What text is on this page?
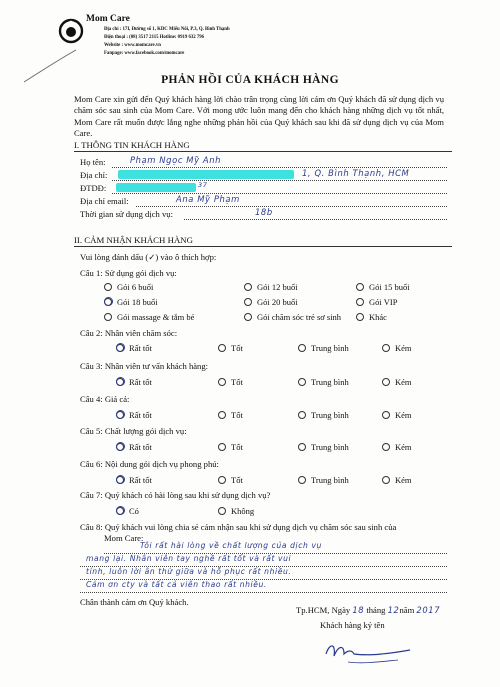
Mom Care
Địa chỉ : 17I, Đường số 1, KDC Miếu Nổi, P.3, Q. Bình Thạnh
Điện thoại : (08) 3517 2115 Hotline: 0919 632 796
Website : www.momcare.vn
Fanpage: www.facebook.com/momcare
PHẢN HỒI CỦA KHÁCH HÀNG
Mom Care xin gửi đến Quý khách hàng lời chào trân trọng cùng lời cám ơn Quý khách đã sử dụng dịch vụ chăm sóc sau sinh của Mom Care. Với mong ước luôn mang đến cho khách hàng những dịch vụ tốt nhất, Mom Care rất muốn được lắng nghe những phản hồi của Quý khách sau khi đã sử dụng dịch vụ của Mom Care.
I. THÔNG TIN KHÁCH HÀNG
Họ tên:	Phạm Ngọc Mỹ Anh
Địa chỉ:	1, Q. Bình Thạnh, HCM
ĐTDĐ:	37
Địa chỉ email:	Ana Mỹ Phạm
Thời gian sử dụng dịch vụ:	18b
II. CẢM NHẬN KHÁCH HÀNG
Vui lòng đánh dấu (✓) vào ô thích hợp:
Câu 1: Sử dụng gói dịch vụ:
Gói 6 buổi	Gói 12 buổi	Gói 15 buổi
Gói 18 buổi	Gói 20 buổi	Gói VIP
Gói massage & tắm bé	Gói chăm sóc trẻ sơ sinh	Khác
Câu 2: Nhân viên chăm sóc:
Rất tốt	Tốt	Trung bình	Kém
Câu 3: Nhân viên tư vấn khách hàng:
Rất tốt	Tốt	Trung bình	Kém
Câu 4: Giá cả:
Rất tốt	Tốt	Trung bình	Kém
Câu 5: Chất lượng gói dịch vụ:
Rất tốt	Tốt	Trung bình	Kém
Câu 6: Nội dung gói dịch vụ phong phú:
Rất tốt	Tốt	Trung bình	Kém
Câu 7: Quý khách có hài lòng sau khi sử dụng dịch vụ?
Có	Không
Câu 8: Quý khách vui lòng chia sẻ cảm nhận sau khi sử dụng dịch vụ chăm sóc sau sinh của
Mom Care:
Tôi rất hài lòng về chất lượng của dịch vụ
mang lại. Nhân viên tay nghề rất tốt và rất vui
tính, luôn lời ân thứ giữa và hỗ phục rất nhiều.
Cám ơn cty và tất cả viên thao rất nhiều.
Chân thành cảm ơn Quý khách.
Tp.HCM, Ngày 18 tháng 12năm 2017
Khách hàng ký tên
